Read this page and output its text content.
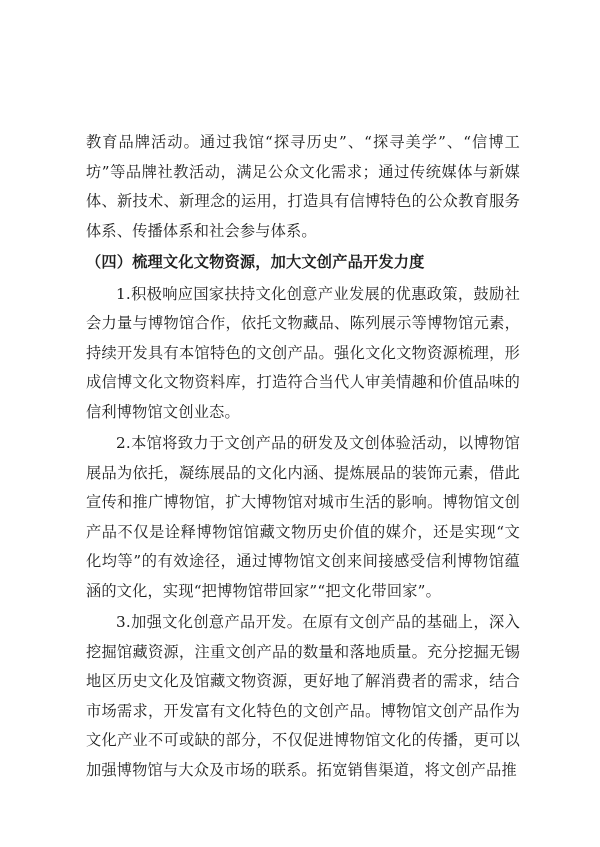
教育品牌活动。通过我馆“探寻历史”、“探寻美学”、“信博工坊”等品牌社教活动，满足公众文化需求；通过传统媒体与新媒体、新技术、新理念的运用，打造具有信博特色的公众教育服务体系、传播体系和社会参与体系。

（四）梳理文化文物资源，加大文创产品开发力度

1.积极响应国家扶持文化创意产业发展的优惠政策，鼓励社会力量与博物馆合作，依托文物藏品、陈列展示等博物馆元素，持续开发具有本馆特色的文创产品。强化文化文物资源梳理，形成信博文化文物资料库，打造符合当代人审美情趣和价值品味的信利博物馆文创业态。

2.本馆将致力于文创产品的研发及文创体验活动，以博物馆展品为依托，凝练展品的文化内涵、提炼展品的装饰元素，借此宣传和推广博物馆，扩大博物馆对城市生活的影响。博物馆文创产品不仅是诠释博物馆馆藏文物历史价值的媒介，还是实现“文化均等”的有效途径，通过博物馆文创来间接感受信利博物馆蕴涵的文化，实现“把博物馆带回家”“把文化带回家”。

3.加强文化创意产品开发。在原有文创产品的基础上，深入挖掘馆藏资源，注重文创产品的数量和落地质量。充分挖掘无锡地区历史文化及馆藏文物资源，更好地了解消费者的需求，结合市场需求，开发富有文化特色的文创产品。博物馆文创产品作为文化产业不可或缺的部分，不仅促进博物馆文化的传播，更可以加强博物馆与大众及市场的联系。拓宽销售渠道，将文创产品推
